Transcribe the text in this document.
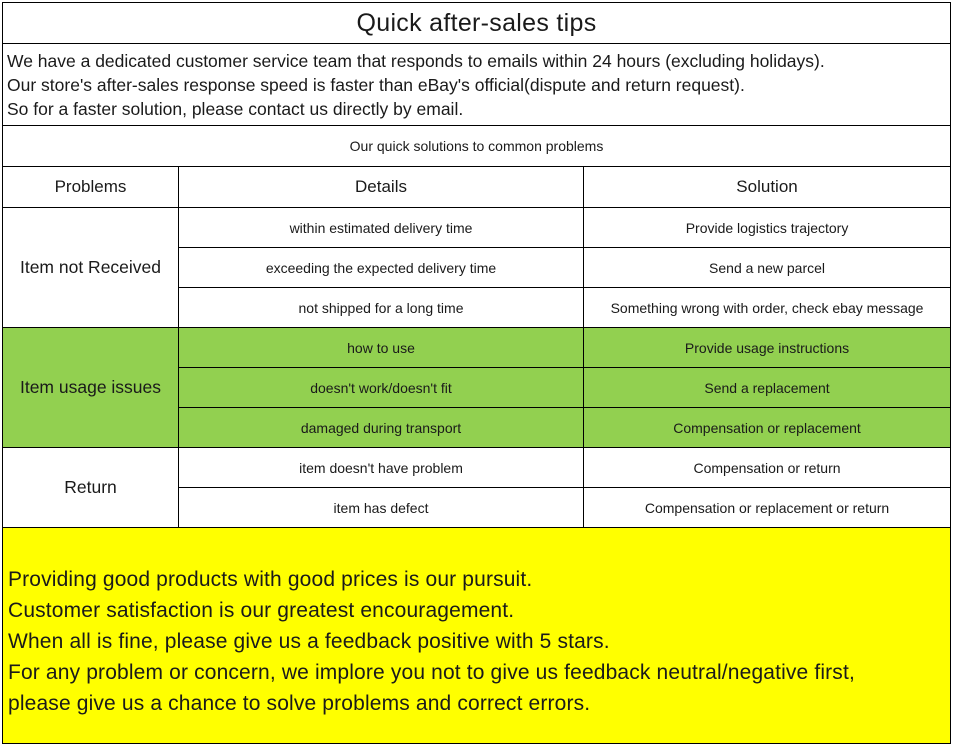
Quick after-sales tips		

We have a dedicated customer service team that responds to emails within 24 hours (excluding holidays).
Our store's after-sales response speed is faster than eBay's official(dispute and return request).
So for a faster solution, please contact us directly by email.		

Our quick solutions to common problems		
Problems	Details	Solution
Item not Received	within estimated delivery time	Provide logistics trajectory
	exceeding the expected delivery time	Send a new parcel
	not shipped for a long time	Something wrong with order, check ebay message
Item usage issues	how to use	Provide usage instructions
	doesn't work/doesn't fit	Send a replacement
	damaged during transport	Compensation or replacement
Return	item doesn't have problem	Compensation or return
	item has defect	Compensation or replacement or return

Providing good products with good prices is our pursuit.
Customer satisfaction is our greatest encouragement.
When all is fine, please give us a feedback positive with 5 stars.
For any problem or concern, we implore you not to give us feedback neutral/negative first,
please give us a chance to solve problems and correct errors.		
